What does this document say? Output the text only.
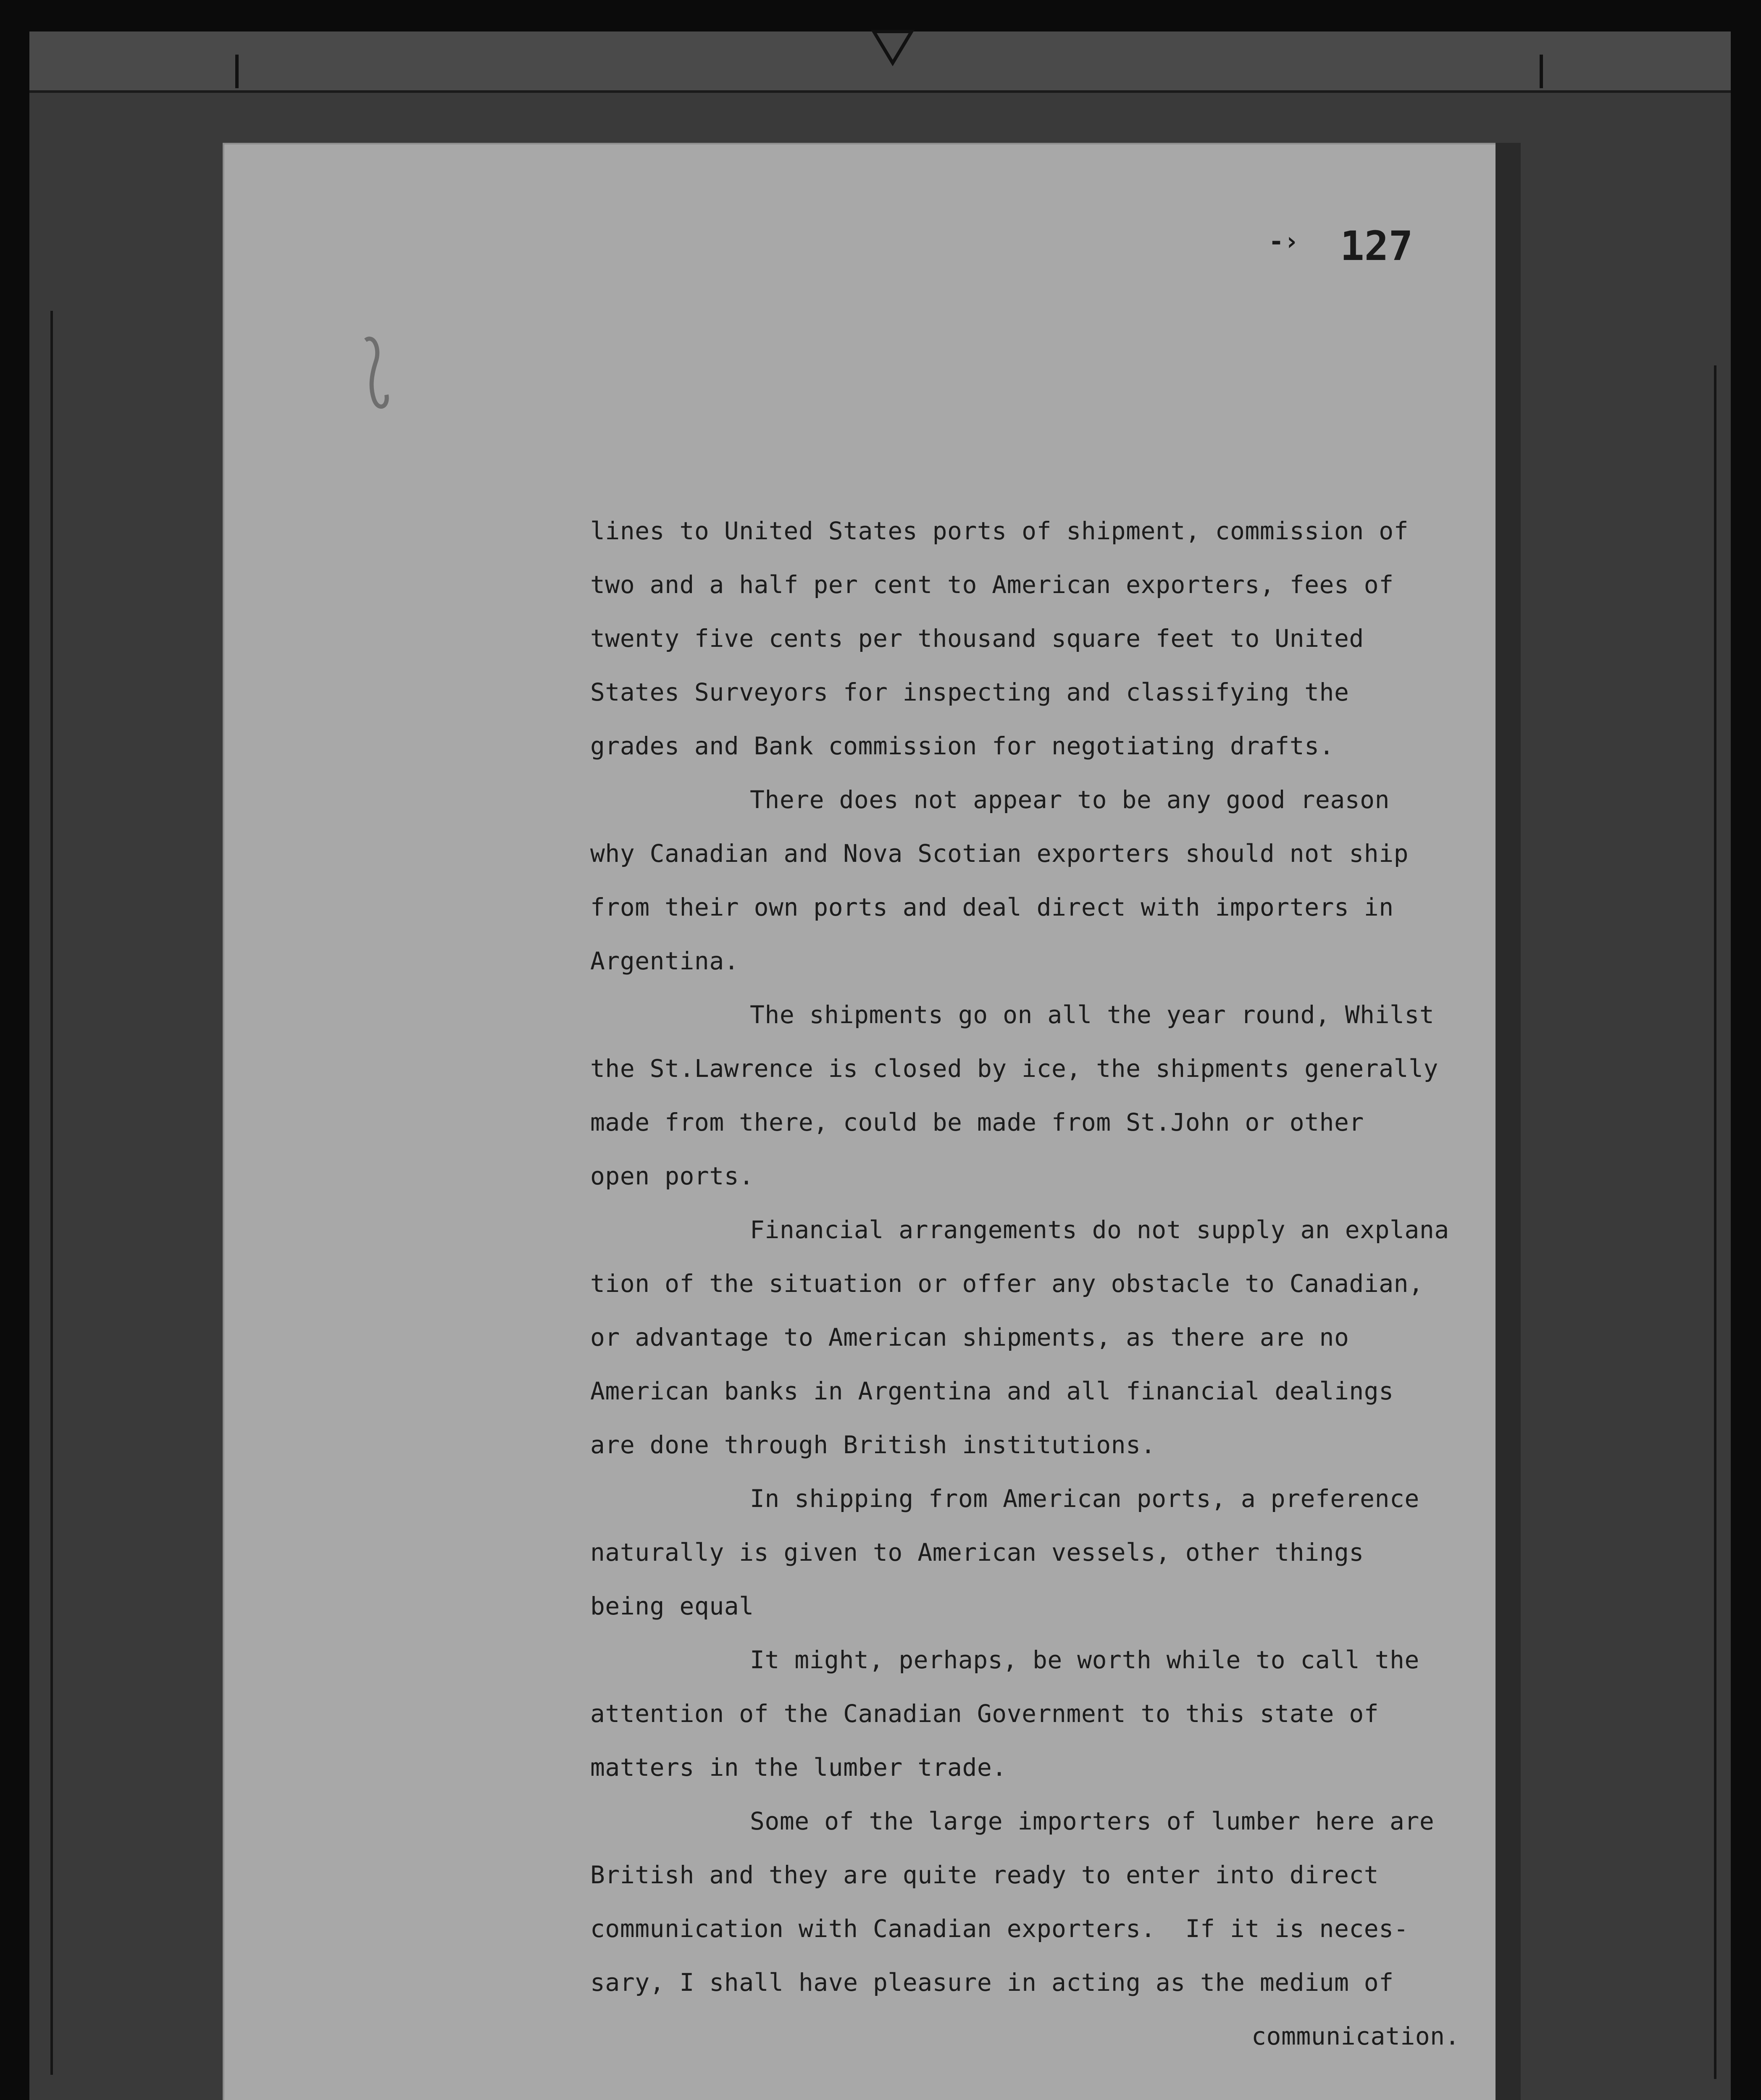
-› 127
lines to United States ports of shipment, commission of
two and a half per cent to American exporters, fees of
twenty five cents per thousand square feet to United
States Surveyors for inspecting and classifying the
grades and Bank commission for negotiating drafts.
There does not appear to be any good reason
why Canadian and Nova Scotian exporters should not ship
from their own ports and deal direct with importers in
Argentina.
The shipments go on all the year round, Whilst
the St.Lawrence is closed by ice, the shipments generally
made from there, could be made from St.John or other
open ports.
Financial arrangements do not supply an explana
tion of the situation or offer any obstacle to Canadian,
or advantage to American shipments, as there are no
American banks in Argentina and all financial dealings
are done through British institutions.
In shipping from American ports, a preference
naturally is given to American vessels, other things
being equal
It might, perhaps, be worth while to call the
attention of the Canadian Government to this state of
matters in the lumber trade.
Some of the large importers of lumber here are
British and they are quite ready to enter into direct
communication with Canadian exporters.  If it is neces-
sary, I shall have pleasure in acting as the medium of
communication.
